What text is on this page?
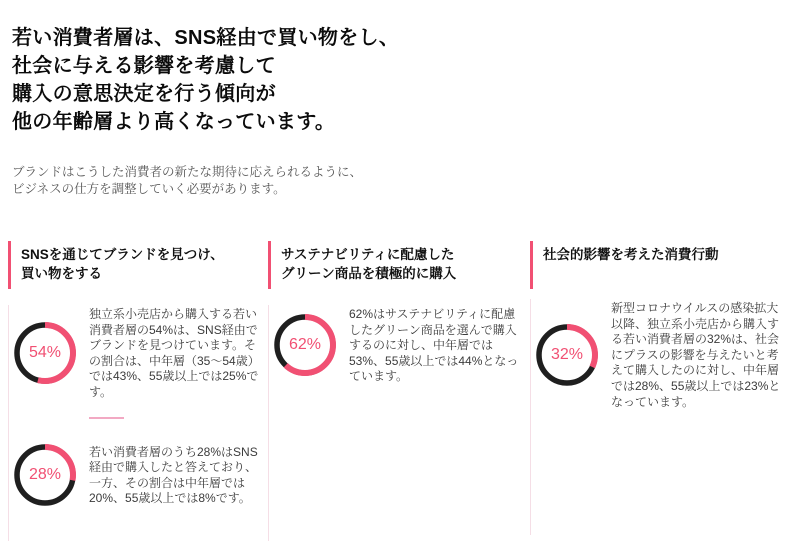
若い消費者層は、SNS経由で買い物をし、
社会に与える影響を考慮して
購入の意思決定を行う傾向が
他の年齢層より高くなっています。

ブランドはこうした消費者の新たな期待に応えられるように、
ビジネスの仕方を調整していく必要があります。

SNSを通じてブランドを見つけ、
買い物をする
54%

独立系小売店から購入する若い消費者層の54%は、SNS経由でブランドを見つけています。その割合は、中年層（35～54歳）では43%、55歳以上では25%です。

28%

若い消費者層のうち28%はSNS経由で購入したと答えており、一方、その割合は中年層では20%、55歳以上では8%です。

サステナビリティに配慮した
グリーン商品を積極的に購入
62%

62%はサステナビリティに配慮したグリーン商品を選んで購入するのに対し、中年層では53%、55歳以上では44%となっています。

社会的影響を考えた消費行動
32%

新型コロナウイルスの感染拡大以降、独立系小売店から購入する若い消費者層の32%は、社会にプラスの影響を与えたいと考えて購入したのに対し、中年層では28%、55歳以上では23%となっています。
